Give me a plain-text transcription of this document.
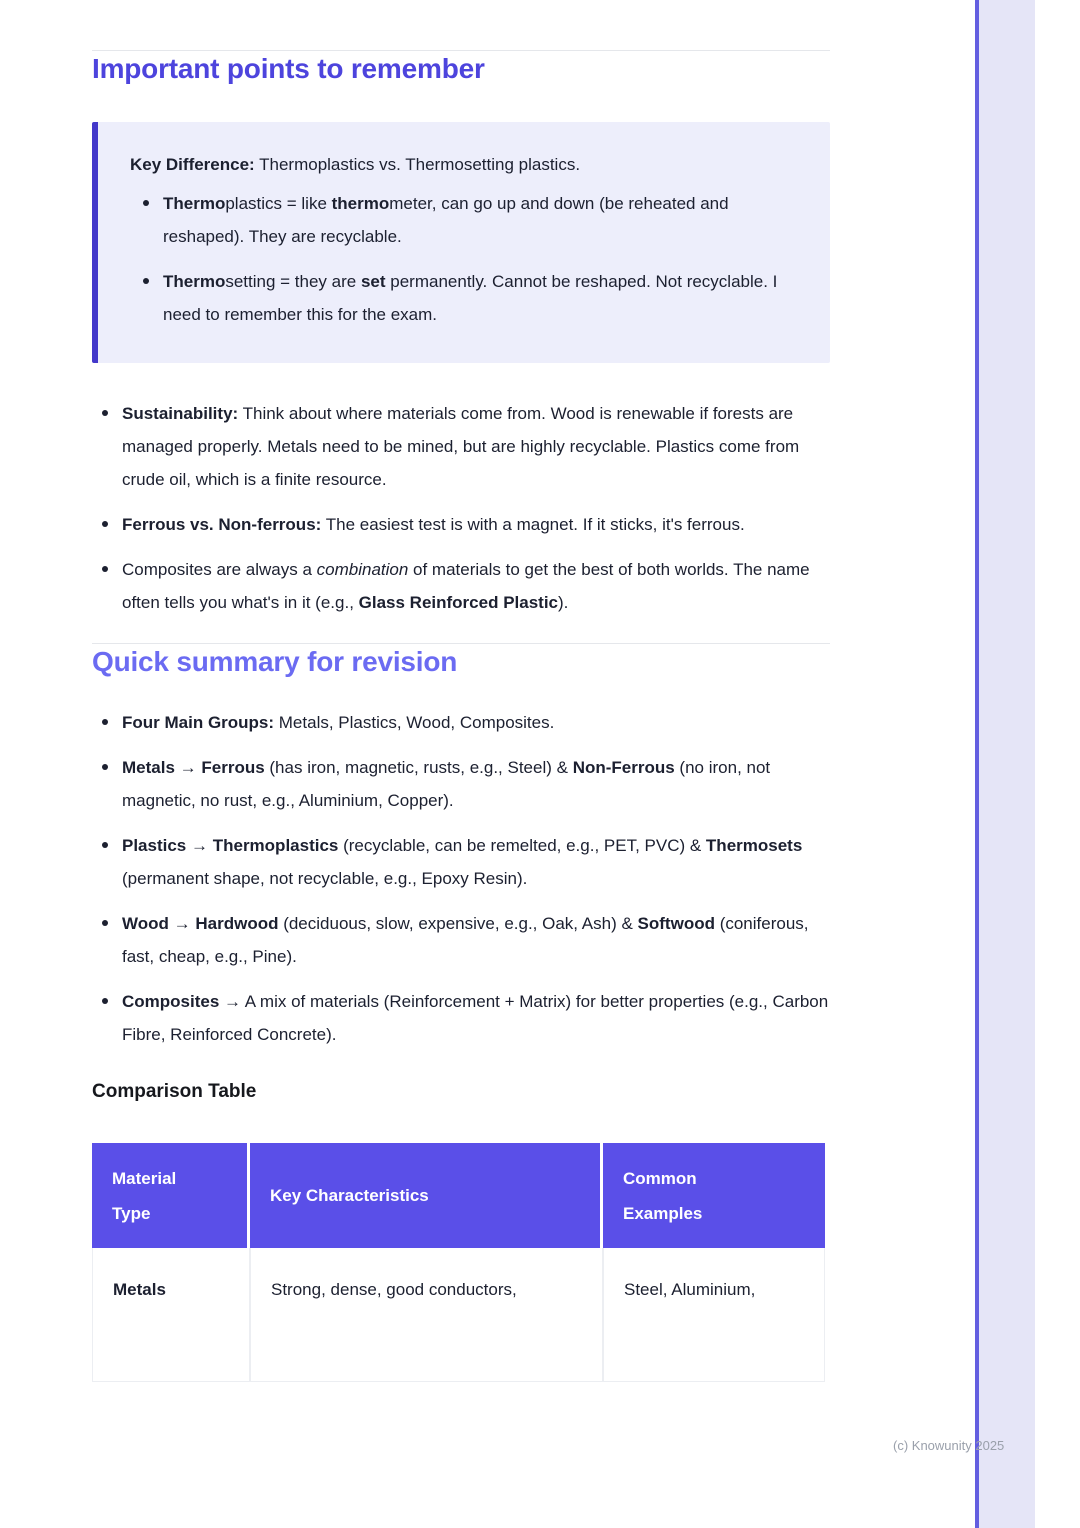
Important points to remember

Key Difference: Thermoplastics vs. Thermosetting plastics.

Thermoplastics = like thermometer, can go up and down (be reheated and reshaped). They are recyclable.
Thermosetting = they are set permanently. Cannot be reshaped. Not recyclable. I need to remember this for the exam.
Sustainability: Think about where materials come from. Wood is renewable if forests are managed properly. Metals need to be mined, but are highly recyclable. Plastics come from crude oil, which is a finite resource.
Ferrous vs. Non-ferrous: The easiest test is with a magnet. If it sticks, it's ferrous.
Composites are always a combination of materials to get the best of both worlds. The name often tells you what's in it (e.g., Glass Reinforced Plastic).
Quick summary for revision
Four Main Groups: Metals, Plastics, Wood, Composites.
Metals → Ferrous (has iron, magnetic, rusts, e.g., Steel) & Non-Ferrous (no iron, not magnetic, no rust, e.g., Aluminium, Copper).
Plastics → Thermoplastics (recyclable, can be remelted, e.g., PET, PVC) & Thermosets (permanent shape, not recyclable, e.g., Epoxy Resin).
Wood → Hardwood (deciduous, slow, expensive, e.g., Oak, Ash) & Softwood (coniferous, fast, cheap, e.g., Pine).
Composites → A mix of materials (Reinforcement + Matrix) for better properties (e.g., Carbon Fibre, Reinforced Concrete).

Comparison Table

Material Type	Key Characteristics	Common Examples
Metals	Strong, dense, good conductors,	Steel, Aluminium,
(c) Knowunity 2025
